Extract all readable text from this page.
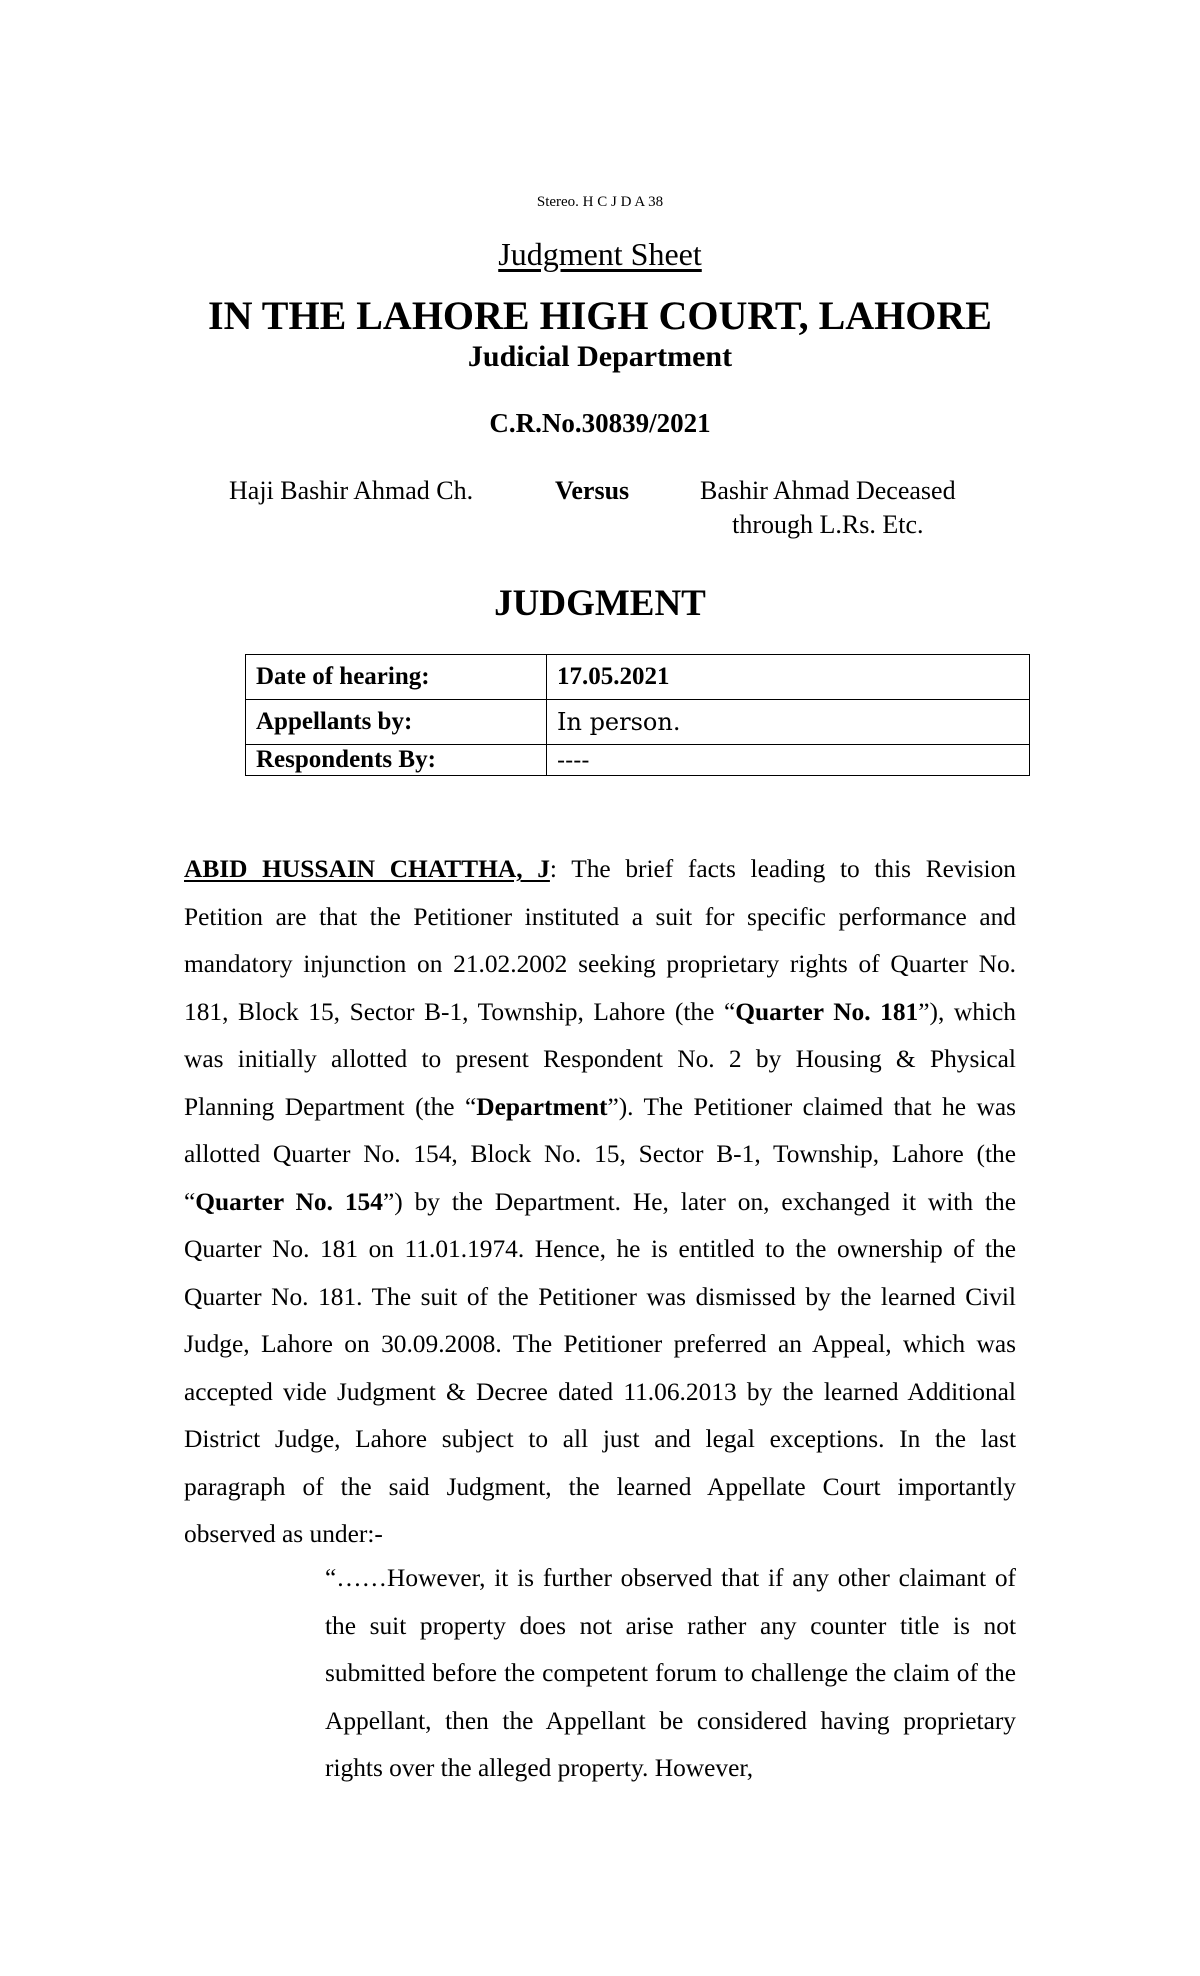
Stereo. H C J D A 38
Judgment Sheet
IN THE LAHORE HIGH COURT, LAHORE
Judicial Department
C.R.No.30839/2021
Haji Bashir Ahmad Ch.	Versus	Bashir Ahmad Deceased
through L.Rs. Etc.
JUDGMENT
Date of hearing:	17.05.2021
Appellants by:	In person.
Respondents By:	----

ABID HUSSAIN CHATTHA, J: The brief facts leading to this Revision Petition are that the Petitioner instituted a suit for specific performance and mandatory injunction on 21.02.2002 seeking proprietary rights of Quarter No. 181, Block 15, Sector B-1, Township, Lahore (the “Quarter No. 181”), which was initially allotted to present Respondent No. 2 by Housing & Physical Planning Department (the “Department”). The Petitioner claimed that he was allotted Quarter No. 154, Block No. 15, Sector B-1, Township, Lahore (the “Quarter No. 154”) by the Department. He, later on, exchanged it with the Quarter No. 181 on 11.01.1974. Hence, he is entitled to the ownership of the Quarter No. 181. The suit of the Petitioner was dismissed by the learned Civil Judge, Lahore on 30.09.2008. The Petitioner preferred an Appeal, which was accepted vide Judgment & Decree dated 11.06.2013 by the learned Additional District Judge, Lahore subject to all just and legal exceptions. In the last paragraph of the said Judgment, the learned Appellate Court importantly observed as under:-

“……However, it is further observed that if any other claimant of the suit property does not arise rather any counter title is not submitted before the competent forum to challenge the claim of the Appellant, then the Appellant be considered having proprietary rights over the alleged property. However,
